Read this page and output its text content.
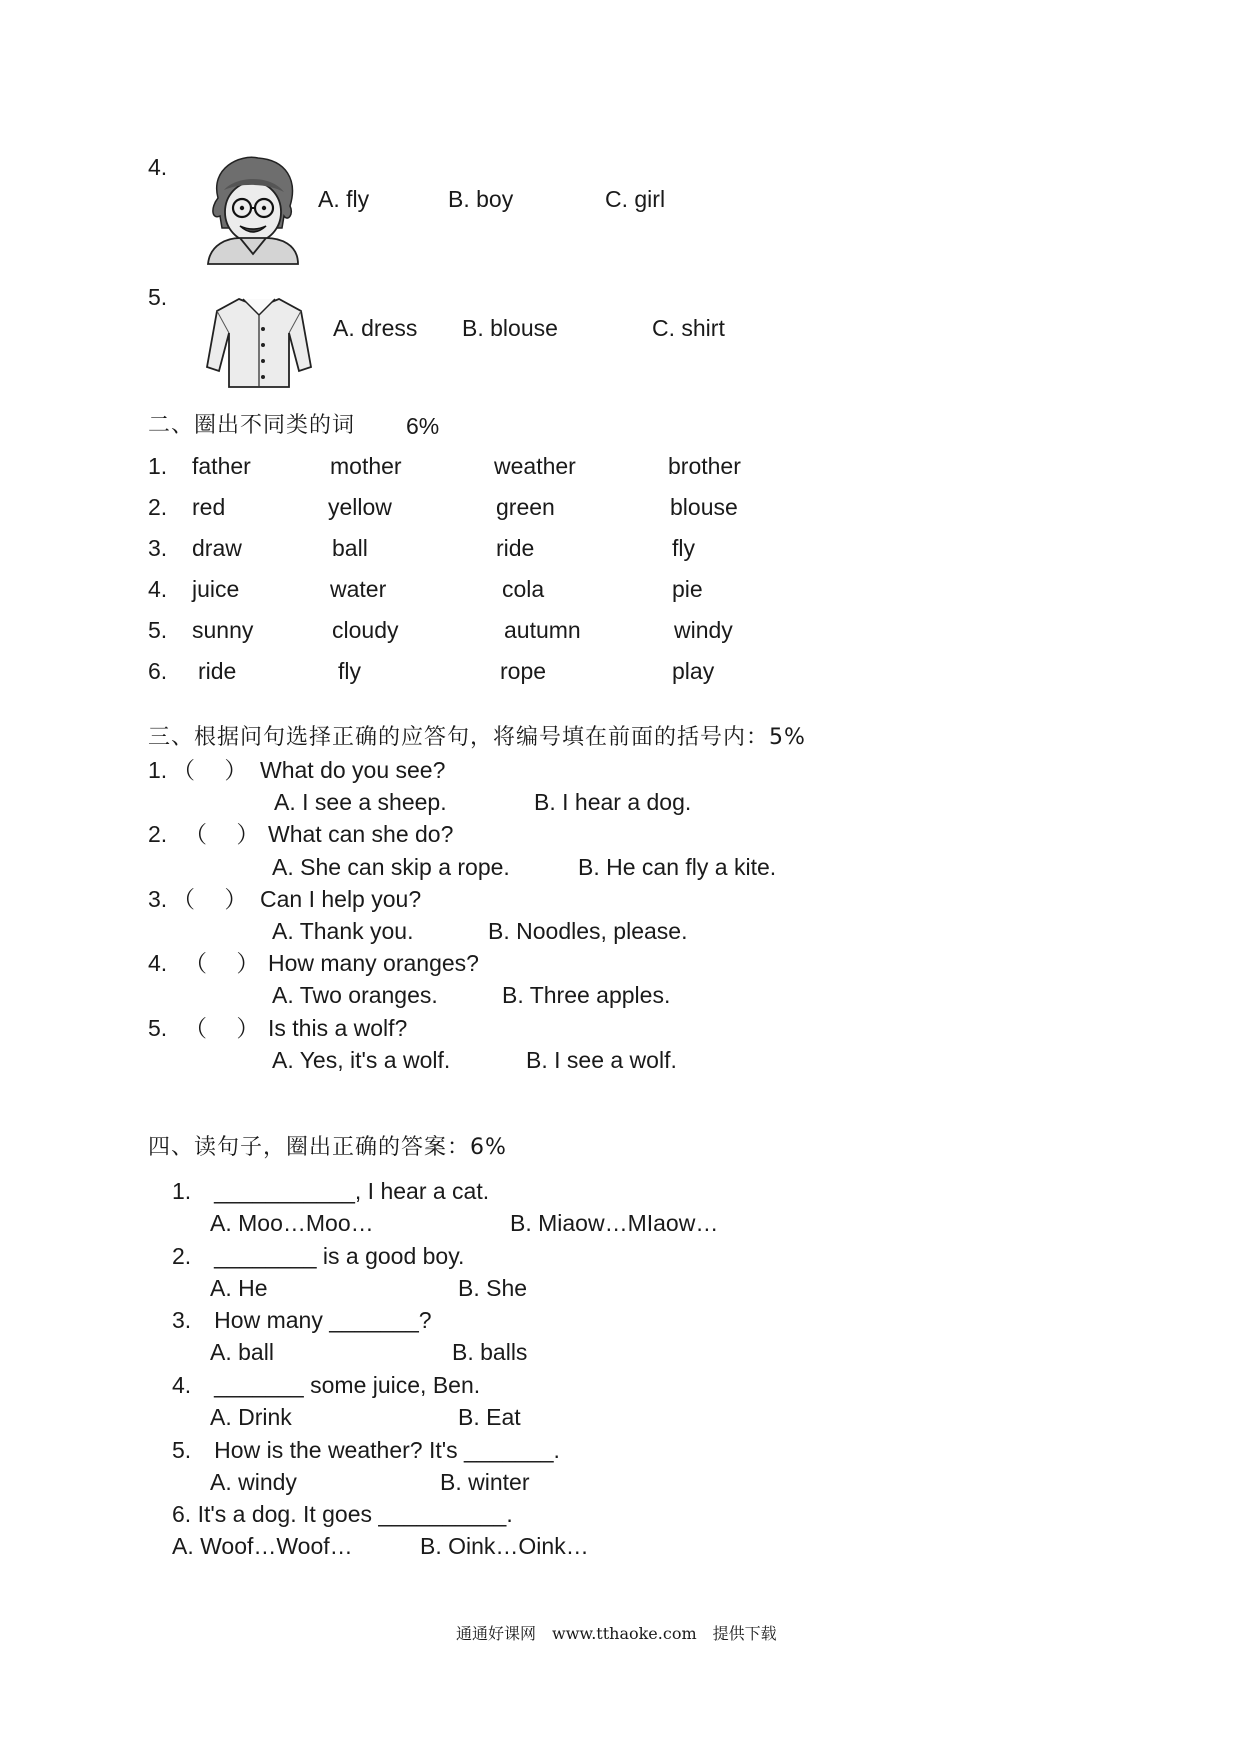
4.
A. fly	B. boy	C. girl
5.
A. dress B. blouse	C. shirt
二、圈出不同类的词 6%
1. father	mother	weather	brother
2. red	yellow	green	blouse
3. draw	ball	ride	fly
4. juice	water	cola	pie
5. sunny	cloudy	autumn	windy
6. ride	fly	rope	play
三、根据问句选择正确的应答句，将编号填在前面的括号内：5%
1. （　 ） What do you see?
A. I see a sheep.	B. I hear a dog.
2. （　 ） What can she do?
A. She can skip a rope.	B. He can fly a kite.
3. （　 ） Can I help you?
A. Thank you.	B. Noodles, please.
4. （　 ） How many oranges?
A. Two oranges.	B. Three apples.
5. （　 ） Is this a wolf?
A. Yes, it's a wolf.	B. I see a wolf.
四、读句子，圈出正确的答案：6%
1.　___________, I hear a cat.
A. Moo…Moo…	B. Miaow…MIaow…
2.　________ is a good boy.
A. He	B. She
3.　How many _______?
A. ball	B. balls
4.　_______ some juice, Ben.
A. Drink	B. Eat
5.　How is the weather? It's _______.
A. windy	B. winter
6. It's a dog. It goes __________.
A. Woof…Woof…	B. Oink…Oink…
通通好课网　www.tthaoke.com　提供下载
